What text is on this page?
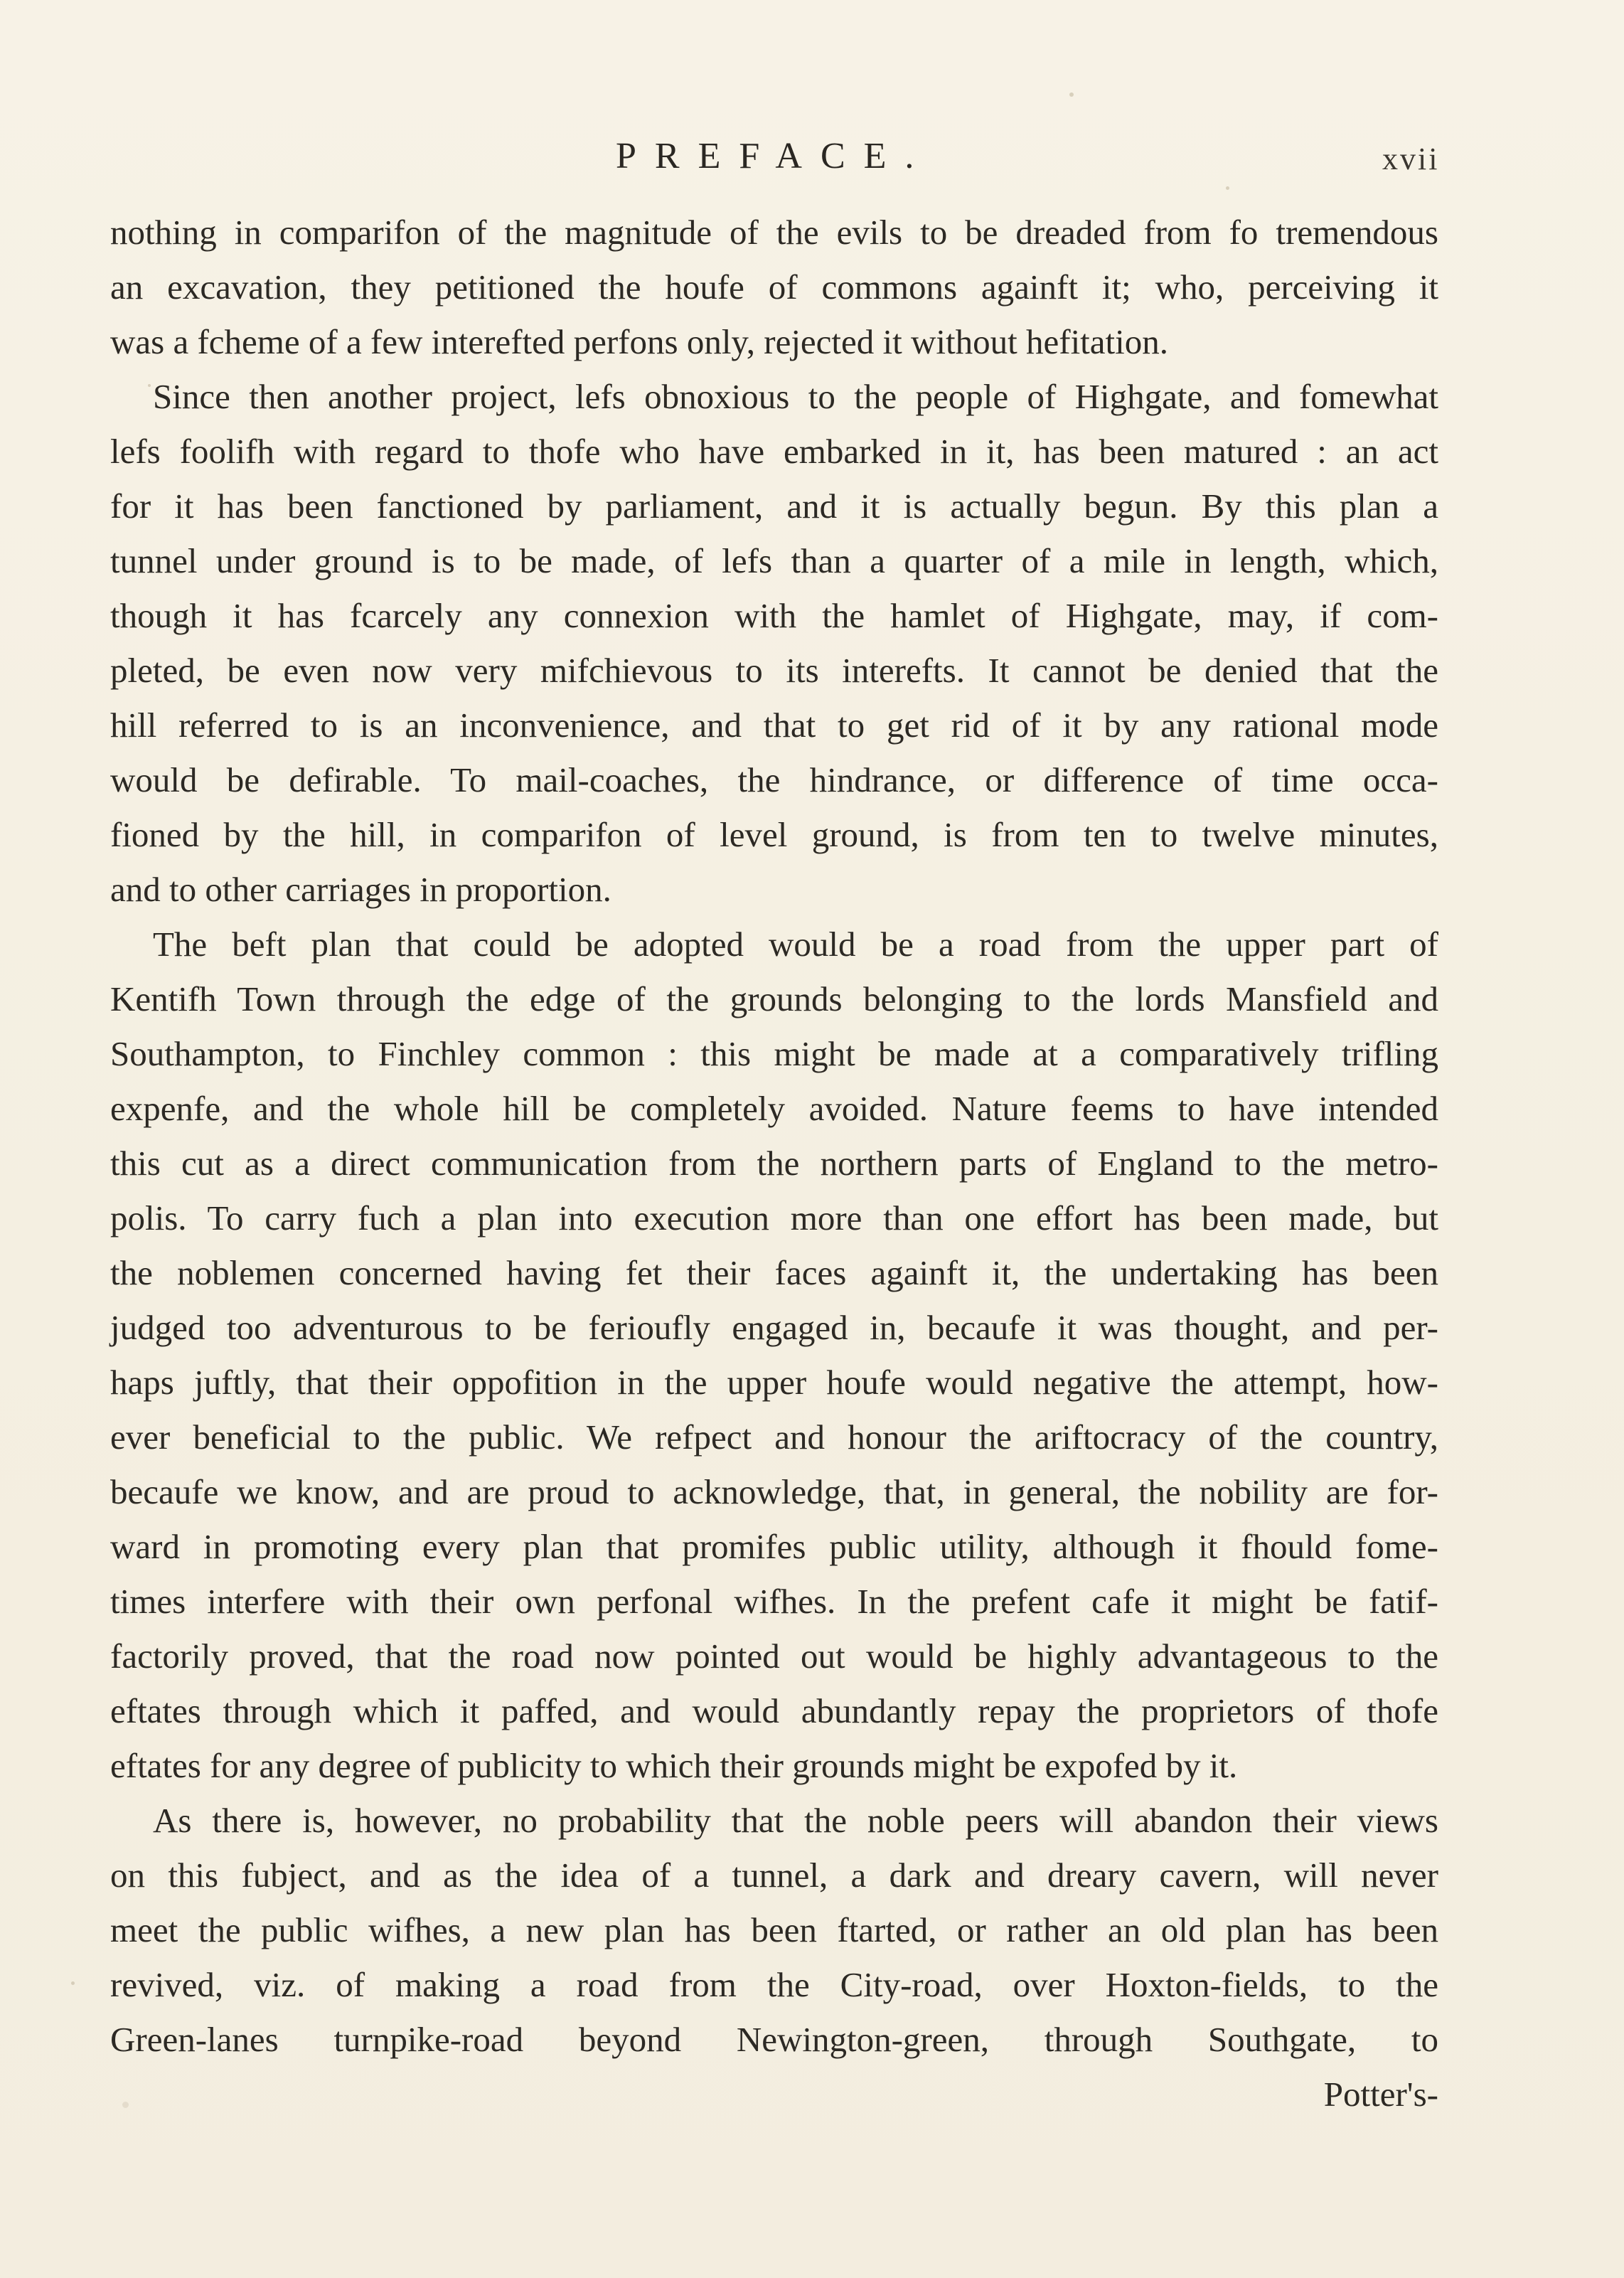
PREFACE.	xvii
nothing in comparifon of the magnitude of the evils to be dreaded from fo tremendous
an excavation, they petitioned the houfe of commons againft it; who, perceiving it
was a fcheme of a few interefted perfons only, rejected it without hefitation.
Since then another project, lefs obnoxious to the people of Highgate, and fomewhat
lefs foolifh with regard to thofe who have embarked in it, has been matured : an act
for it has been fanctioned by parliament, and it is actually begun. By this plan a
tunnel under ground is to be made, of lefs than a quarter of a mile in length, which,
though it has fcarcely any connexion with the hamlet of Highgate, may, if com-
pleted, be even now very mifchievous to its interefts. It cannot be denied that the
hill referred to is an inconvenience, and that to get rid of it by any rational mode
would be defirable. To mail-coaches, the hindrance, or difference of time occa-
fioned by the hill, in comparifon of level ground, is from ten to twelve minutes,
and to other carriages in proportion.
The beft plan that could be adopted would be a road from the upper part of
Kentifh Town through the edge of the grounds belonging to the lords Mansfield and
Southampton, to Finchley common : this might be made at a comparatively trifling
expenfe, and the whole hill be completely avoided. Nature feems to have intended
this cut as a direct communication from the northern parts of England to the metro-
polis. To carry fuch a plan into execution more than one effort has been made, but
the noblemen concerned having fet their faces againft it, the undertaking has been
judged too adventurous to be ferioufly engaged in, becaufe it was thought, and per-
haps juftly, that their oppofition in the upper houfe would negative the attempt, how-
ever beneficial to the public. We refpect and honour the ariftocracy of the country,
becaufe we know, and are proud to acknowledge, that, in general, the nobility are for-
ward in promoting every plan that promifes public utility, although it fhould fome-
times interfere with their own perfonal wifhes. In the prefent cafe it might be fatif-
factorily proved, that the road now pointed out would be highly advantageous to the
eftates through which it paffed, and would abundantly repay the proprietors of thofe
eftates for any degree of publicity to which their grounds might be expofed by it.
As there is, however, no probability that the noble peers will abandon their views
on this fubject, and as the idea of a tunnel, a dark and dreary cavern, will never
meet the public wifhes, a new plan has been ftarted, or rather an old plan has been
revived, viz. of making a road from the City-road, over Hoxton-fields, to the
Green-lanes turnpike-road beyond Newington-green, through Southgate, to
Potter's-
